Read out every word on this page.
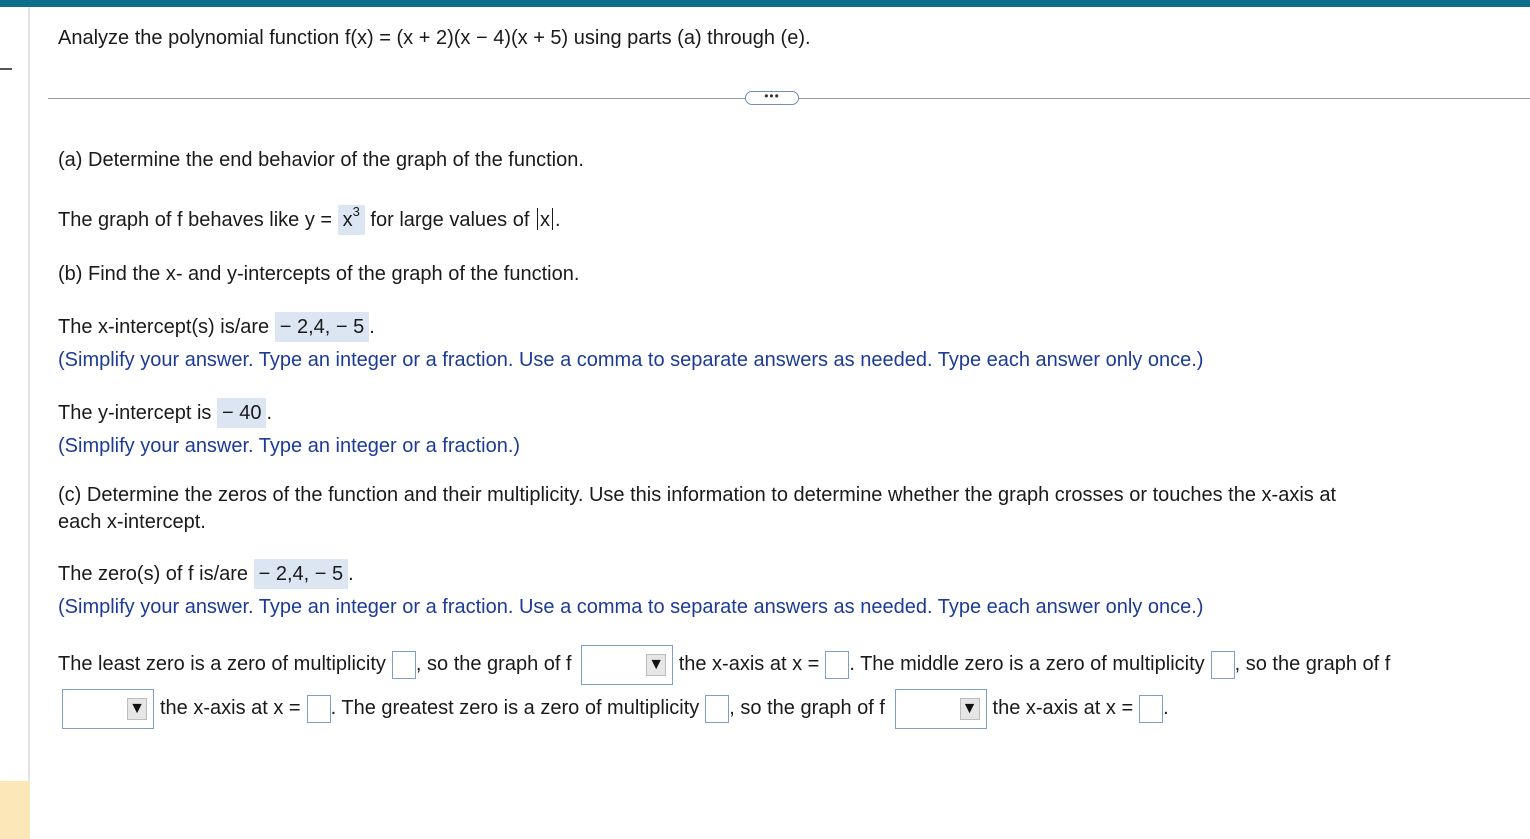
Analyze the polynomial function f(x) = (x + 2)(x − 4)(x + 5) using parts (a) through (e).
•••
(a) Determine the end behavior of the graph of the function.
The graph of f behaves like $y = x^3$ for large values of x .
(b) Find the x- and y-intercepts of the graph of the function.
The x-intercept(s) is/are − 2,4, − 5 .
(Simplify your answer. Type an integer or a fraction. Use a comma to separate answers as needed. Type each answer only once.)
The y-intercept is − 40 .
(Simplify your answer. Type an integer or a fraction.)
(c) Determine the zeros of the function and their multiplicity. Use this information to determine whether the graph crosses or touches the x-axis at
each x-intercept.
The zero(s) of f is/are − 2,4, − 5 .
(Simplify your answer. Type an integer or a fraction. Use a comma to separate answers as needed. Type each answer only once.)
The least zero is a zero of multiplicity , so the graph of f	▼ the x-axis at x = . The middle zero is a zero of multiplicity , so the graph of f
▼ the x-axis at x = . The greatest zero is a zero of multiplicity , so the graph of f	▼ the x-axis at x = .
